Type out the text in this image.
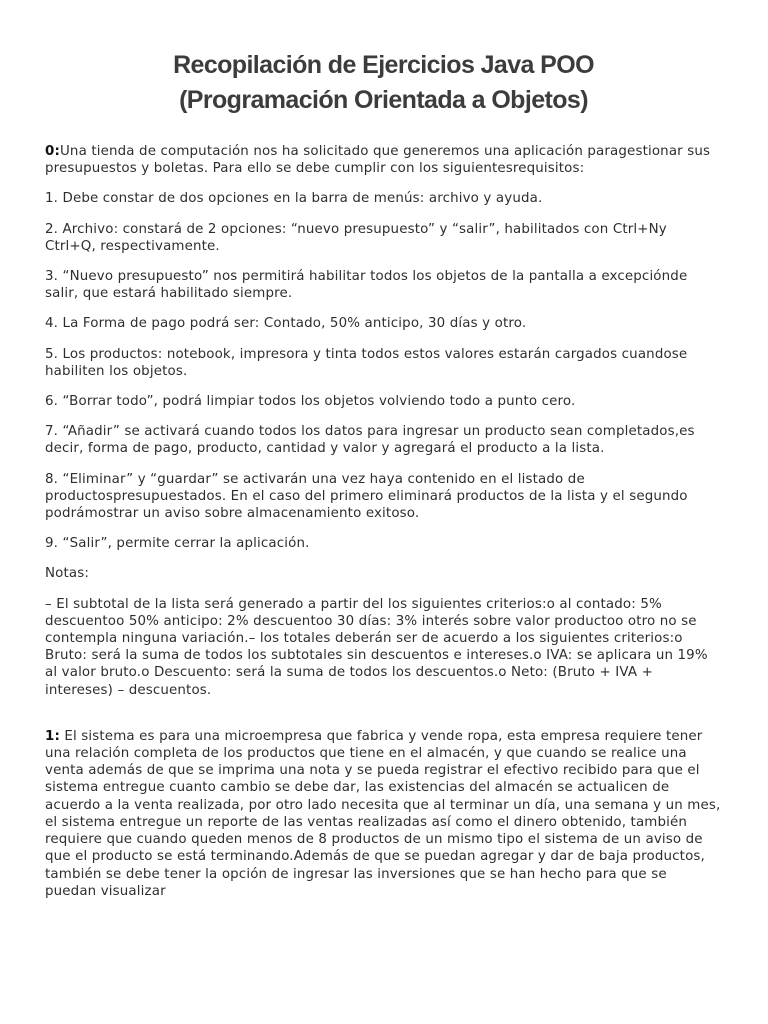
Recopilación de Ejercicios Java POO
(Programación Orientada a Objetos)

0:Una tienda de computación nos ha solicitado que generemos una aplicación paragestionar sus presupuestos y boletas. Para ello se debe cumplir con los siguientesrequisitos:

1. Debe constar de dos opciones en la barra de menús: archivo y ayuda.

2. Archivo: constará de 2 opciones: “nuevo presupuesto” y “salir”, habilitados con Ctrl+Ny Ctrl+Q, respectivamente.

3. “Nuevo presupuesto” nos permitirá habilitar todos los objetos de la pantalla a excepciónde salir, que estará habilitado siempre.

4. La Forma de pago podrá ser: Contado, 50% anticipo, 30 días y otro.

5. Los productos: notebook, impresora y tinta todos estos valores estarán cargados cuandose habiliten los objetos.

6. “Borrar todo”, podrá limpiar todos los objetos volviendo todo a punto cero.

7. “Añadir” se activará cuando todos los datos para ingresar un producto sean completados,es decir, forma de pago, producto, cantidad y valor y agregará el producto a la lista.

8. “Eliminar” y “guardar” se activarán una vez haya contenido en el listado de productospresupuestados. En el caso del primero eliminará productos de la lista y el segundo podrámostrar un aviso sobre almacenamiento exitoso.

9. “Salir”, permite cerrar la aplicación.

Notas:

– El subtotal de la lista será generado a partir del los siguientes criterios:o al contado: 5% descuentoo 50% anticipo: 2% descuentoo 30 días: 3% interés sobre valor productoo otro no se contempla ninguna variación.– los totales deberán ser de acuerdo a los siguientes criterios:o Bruto: será la suma de todos los subtotales sin descuentos e intereses.o IVA: se aplicara un 19% al valor bruto.o Descuento: será la suma de todos los descuentos.o Neto: (Bruto + IVA + intereses) – descuentos.

1: El sistema es para una microempresa que fabrica y vende ropa, esta empresa requiere tener una relación completa de los productos que tiene en el almacén, y que cuando se realice una venta además de que se imprima una nota y se pueda registrar el efectivo recibido para que el sistema entregue cuanto cambio se debe dar, las existencias del almacén se actualicen de acuerdo a la venta realizada, por otro lado necesita que al terminar un día, una semana y un mes, el sistema entregue un reporte de las ventas realizadas así como el dinero obtenido, también requiere que cuando queden menos de 8 productos de un mismo tipo el sistema de un aviso de que el producto se está terminando.Además de que se puedan agregar y dar de baja productos, también se debe tener la opción de ingresar las inversiones que se han hecho para que se puedan visualizar
